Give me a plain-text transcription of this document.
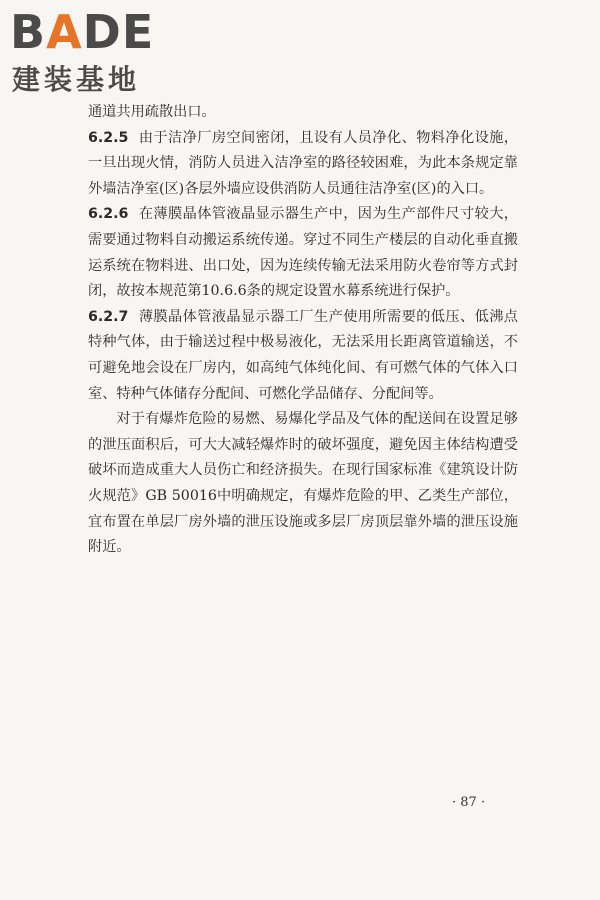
BADE
建装基地

通道共用疏散出口。

6.2.5 由于洁净厂房空间密闭，且设有人员净化、物料净化设施，一旦出现火情，消防人员进入洁净室的路径较困难，为此本条规定靠外墙洁净室(区)各层外墙应设供消防人员通往洁净室(区)的入口。

6.2.6 在薄膜晶体管液晶显示器生产中，因为生产部件尺寸较大，需要通过物料自动搬运系统传递。穿过不同生产楼层的自动化垂直搬运系统在物料进、出口处，因为连续传输无法采用防火卷帘等方式封闭，故按本规范第10.6.6条的规定设置水幕系统进行保护。

6.2.7 薄膜晶体管液晶显示器工厂生产使用所需要的低压、低沸点特种气体，由于输送过程中极易液化，无法采用长距离管道输送，不可避免地会设在厂房内，如高纯气体纯化间、有可燃气体的气体入口室、特种气体储存分配间、可燃化学品储存、分配间等。

对于有爆炸危险的易燃、易爆化学品及气体的配送间在设置足够的泄压面积后，可大大减轻爆炸时的破坏强度，避免因主体结构遭受破坏而造成重大人员伤亡和经济损失。在现行国家标准《建筑设计防火规范》GB 50016中明确规定，有爆炸危险的甲、乙类生产部位，宜布置在单层厂房外墙的泄压设施或多层厂房顶层靠外墙的泄压设施附近。

· 87 ·
